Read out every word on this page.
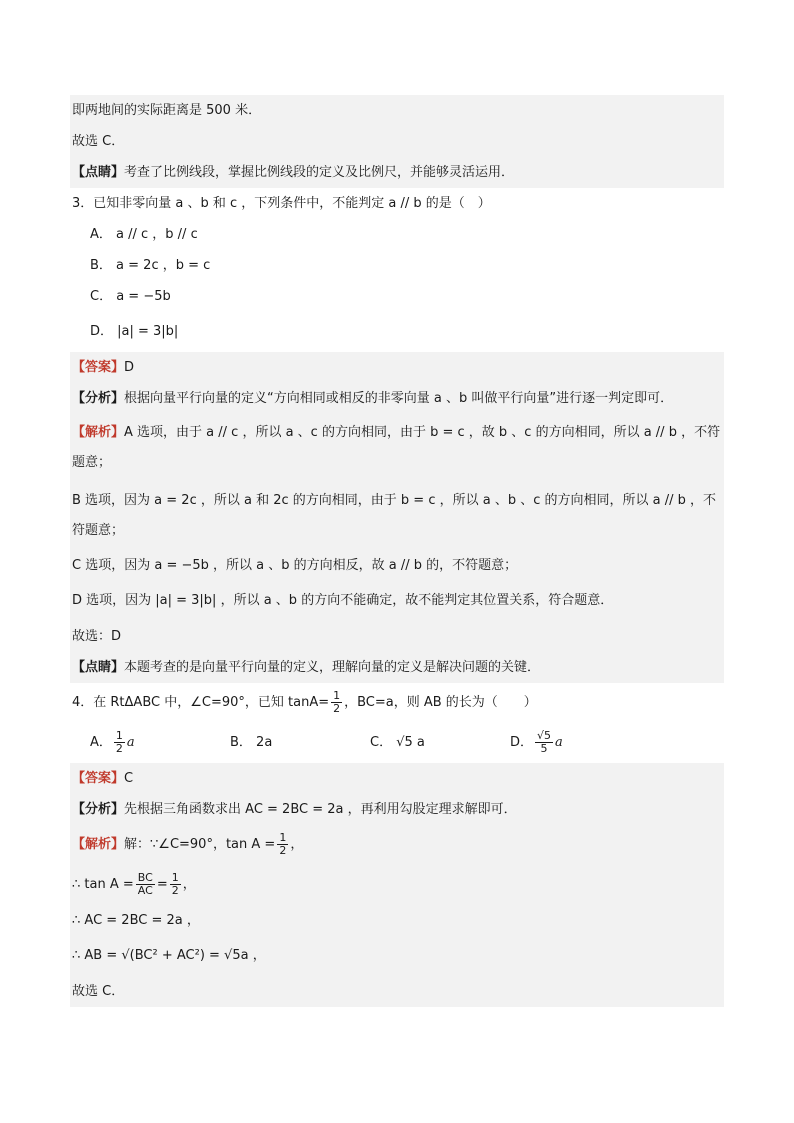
即两地间的实际距离是 500 米．
故选 C．
【点睛】考查了比例线段，掌握比例线段的定义及比例尺，并能够灵活运用．
3．已知非零向量 a 、b 和 c ，下列条件中，不能判定 a // b 的是（　）
A． a // c ，b // c
B． a = 2c ，b = c
C． a = −5b
D． |a| = 3|b|
【答案】D
【分析】根据向量平行向量的定义“方向相同或相反的非零向量 a 、b 叫做平行向量”进行逐一判定即可．
【解析】A 选项，由于 a // c ，所以 a 、c 的方向相同，由于 b = c ，故 b 、c 的方向相同，所以 a // b ，不符题意；
B 选项，因为 a = 2c ，所以 a 和 2c 的方向相同，由于 b = c ，所以 a 、b 、c 的方向相同，所以 a // b ，不符题意；
C 选项，因为 a = −5b ，所以 a 、b 的方向相反，故 a // b 的，不符题意；
D 选项，因为 |a| = 3|b| ，所以 a 、b 的方向不能确定，故不能判定其位置关系，符合题意．
故选：D
【点睛】本题考查的是向量平行向量的定义，理解向量的定义是解决问题的关键．
4．在 RtΔABC 中，∠C=90°，已知 $\tan A= \frac{1}{2}$ ，BC=a，则 AB 的长为（　　）
A． $\frac{1}{2}$ a	B． 2a	C． √5 a	D． $\frac{√5}{5}$ a
【答案】C
【分析】先根据三角函数求出 AC = 2BC = 2a ，再利用勾股定理求解即可．
【解析】解：∵∠C=90°，$\tan A = \frac{1}{2}$ ，
∴ $\tan A = \frac{BC}{AC} = \frac{1}{2}$ ，
∴ AC = 2BC = 2a ，
∴ AB = √(BC² + AC²) = √5a ，
故选 C．
